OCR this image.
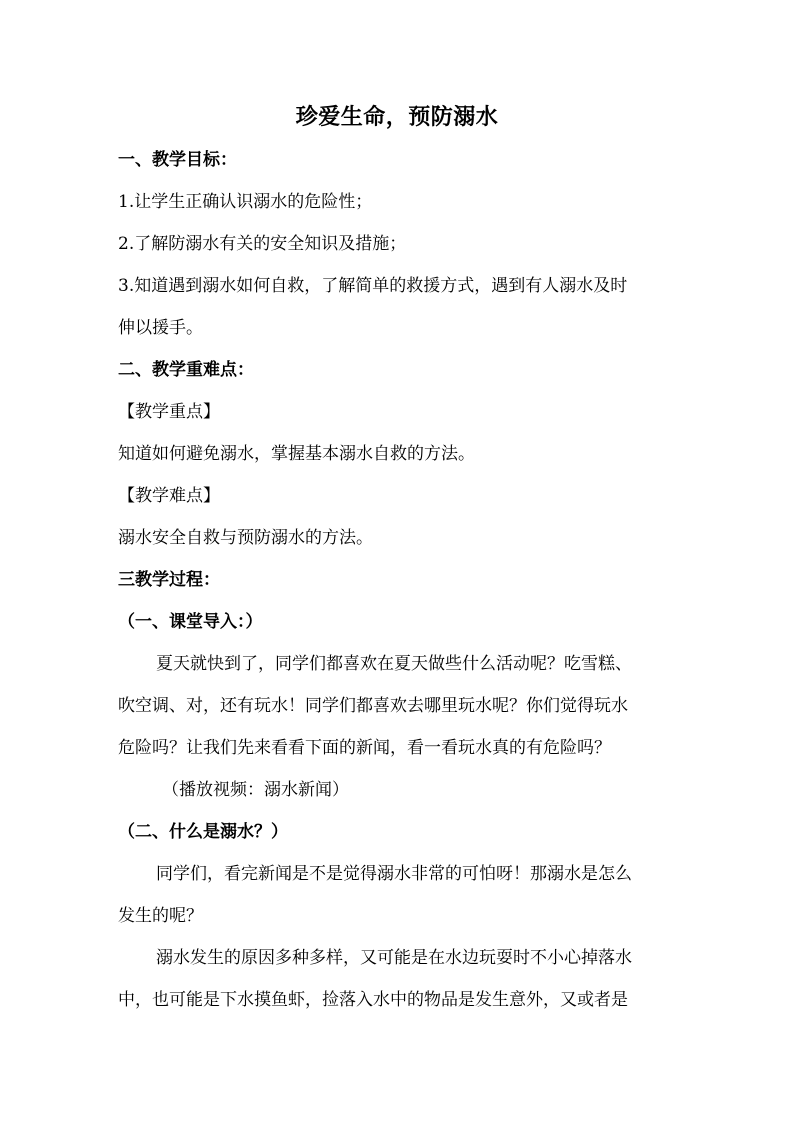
珍爱生命，预防溺水
一、教学目标：
1.让学生正确认识溺水的危险性；
2.了解防溺水有关的安全知识及措施；
3.知道遇到溺水如何自救，了解简单的救援方式，遇到有人溺水及时
伸以援手。
二、教学重难点：
【教学重点】
知道如何避免溺水，掌握基本溺水自救的方法。
【教学难点】
溺水安全自救与预防溺水的方法。
三教学过程：
（一、课堂导入：）
夏天就快到了，同学们都喜欢在夏天做些什么活动呢？吃雪糕、
吹空调、对，还有玩水！同学们都喜欢去哪里玩水呢？你们觉得玩水
危险吗？让我们先来看看下面的新闻，看一看玩水真的有危险吗？
（播放视频：溺水新闻）
（二、什么是溺水？）
同学们，看完新闻是不是觉得溺水非常的可怕呀！那溺水是怎么
发生的呢？
溺水发生的原因多种多样，又可能是在水边玩耍时不小心掉落水
中，也可能是下水摸鱼虾，捡落入水中的物品是发生意外，又或者是
